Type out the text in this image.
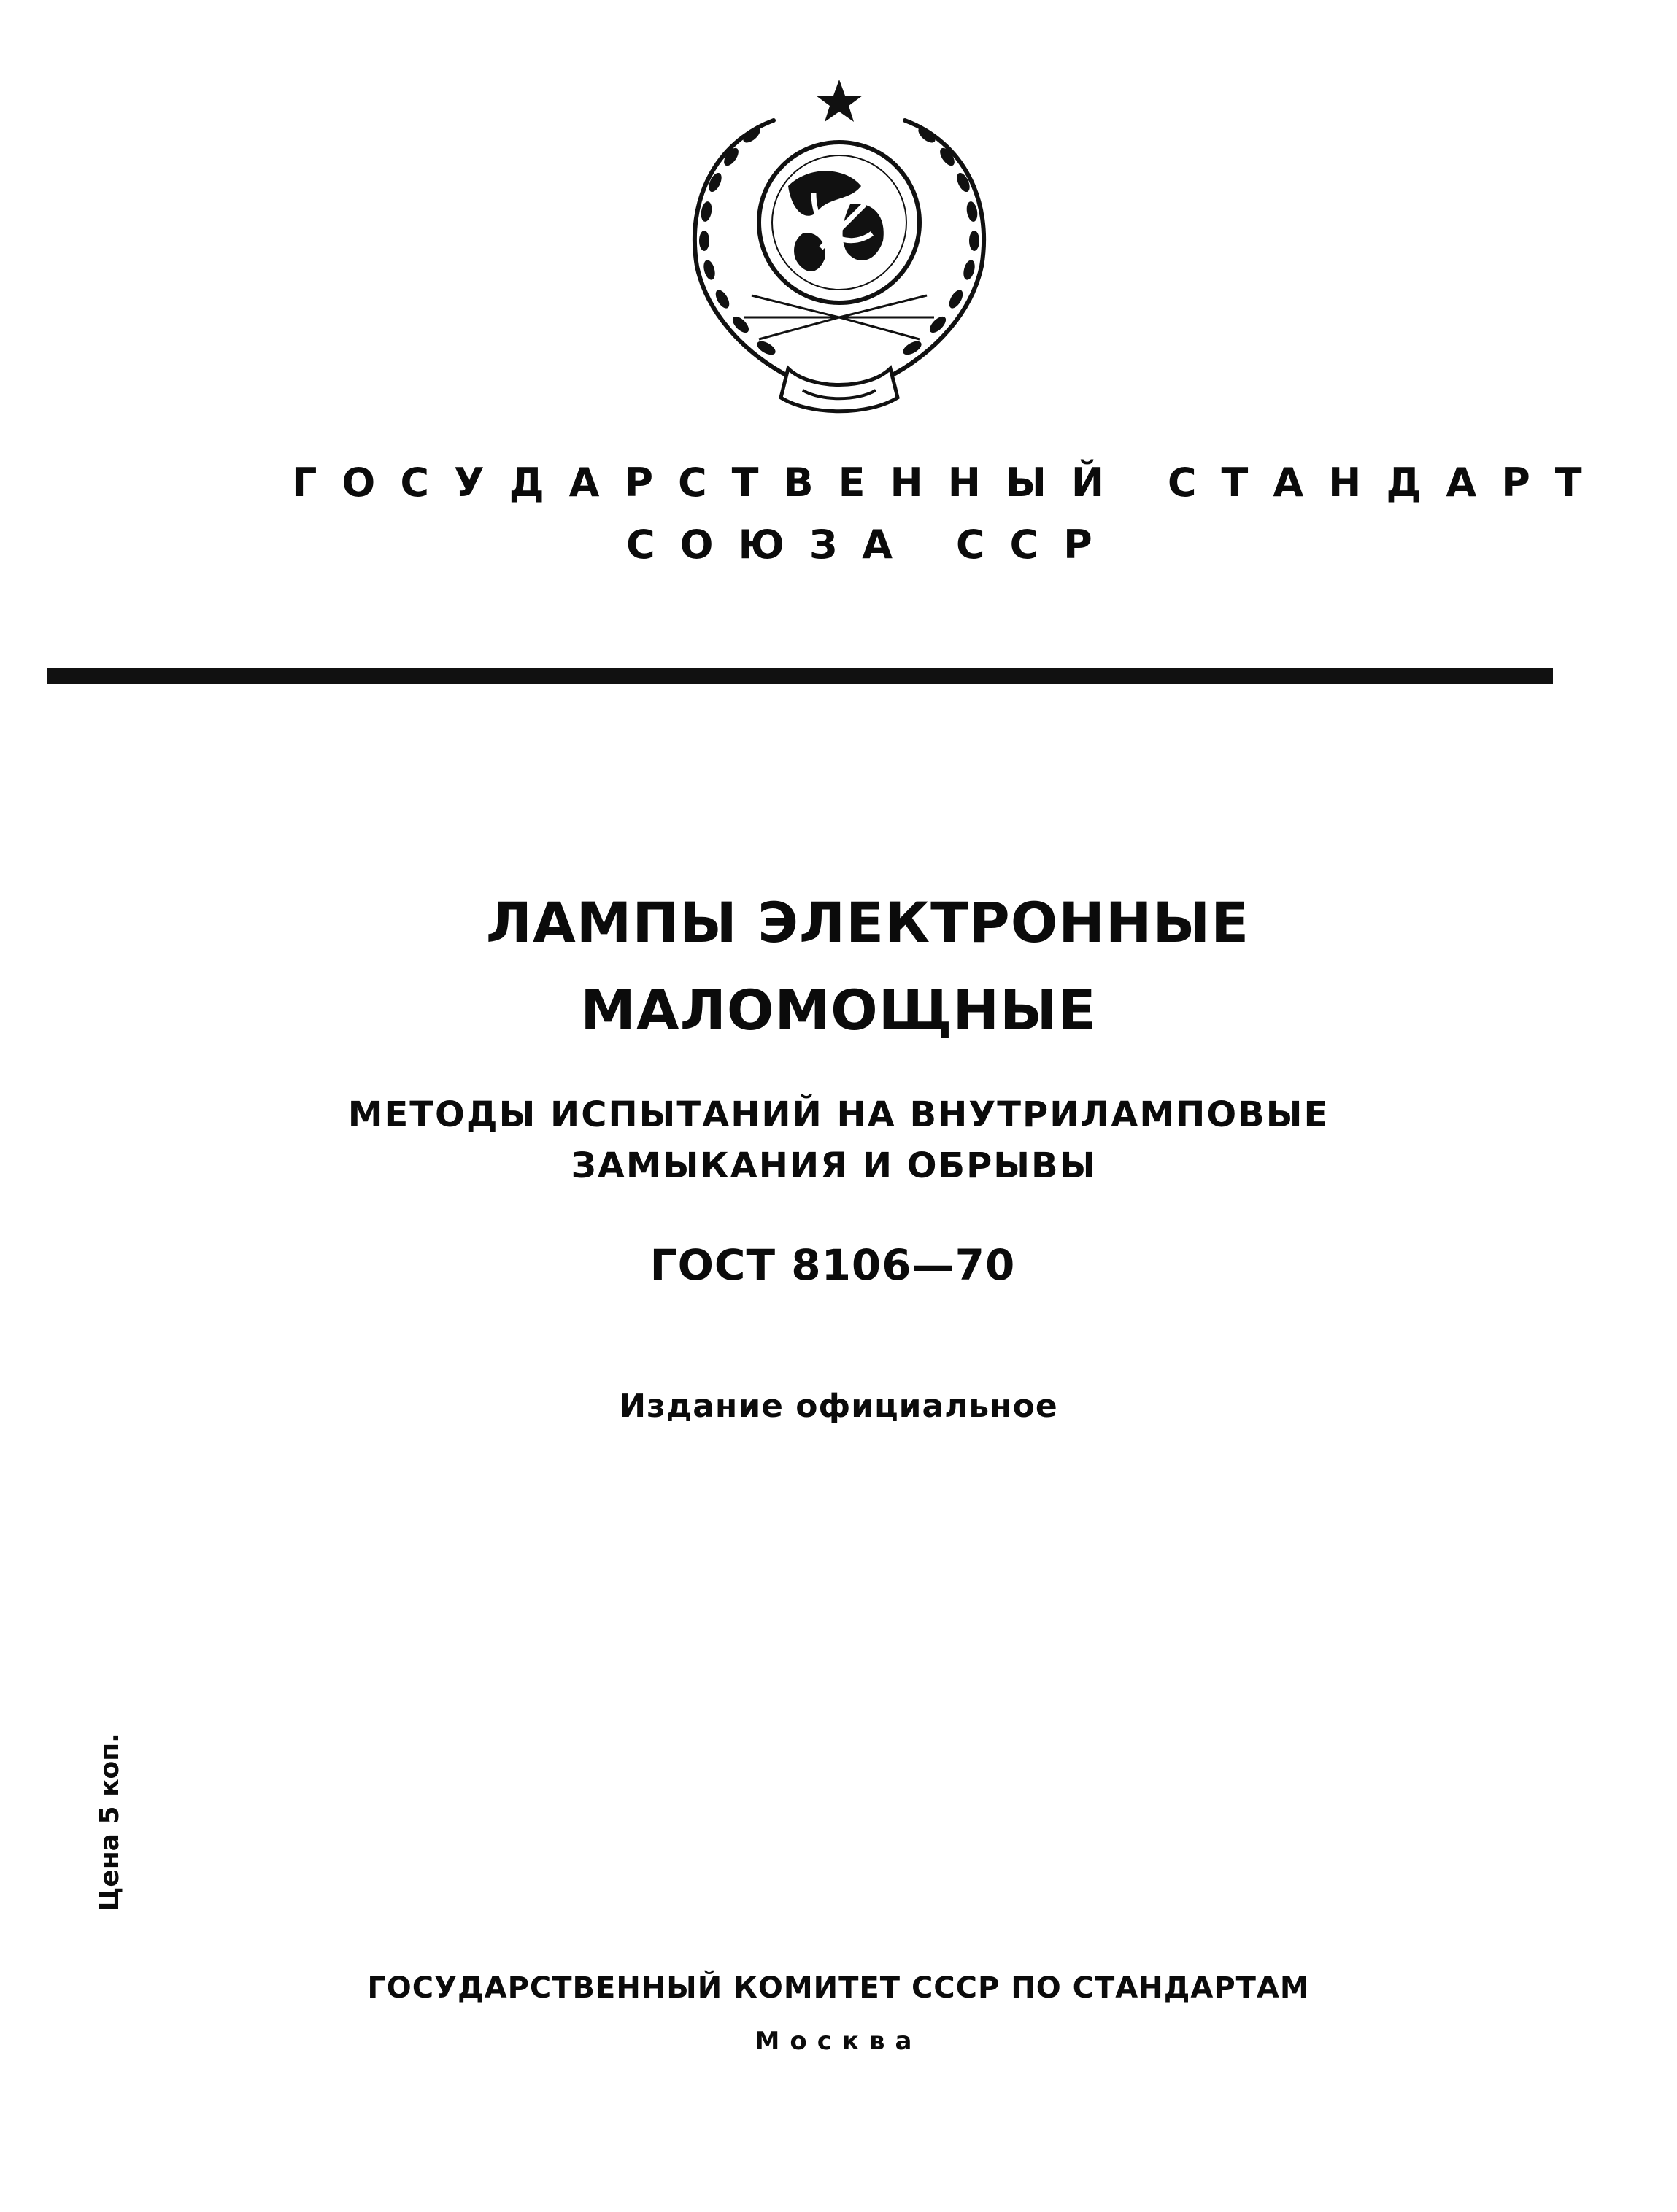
ГОСУДАРСТВЕННЫЙ СТАНДАРТ
СОЮЗА ССР
ЛАМПЫ ЭЛЕКТРОННЫЕ
МАЛОМОЩНЫЕ
МЕТОДЫ ИСПЫТАНИЙ НА ВНУТРИЛАМПОВЫЕ
ЗАМЫКАНИЯ И ОБРЫВЫ
ГОСТ 8106—70
Издание официальное
Цена 5 коп.
ГОСУДАРСТВЕННЫЙ КОМИТЕТ СССР ПО СТАНДАРТАМ
Москва
